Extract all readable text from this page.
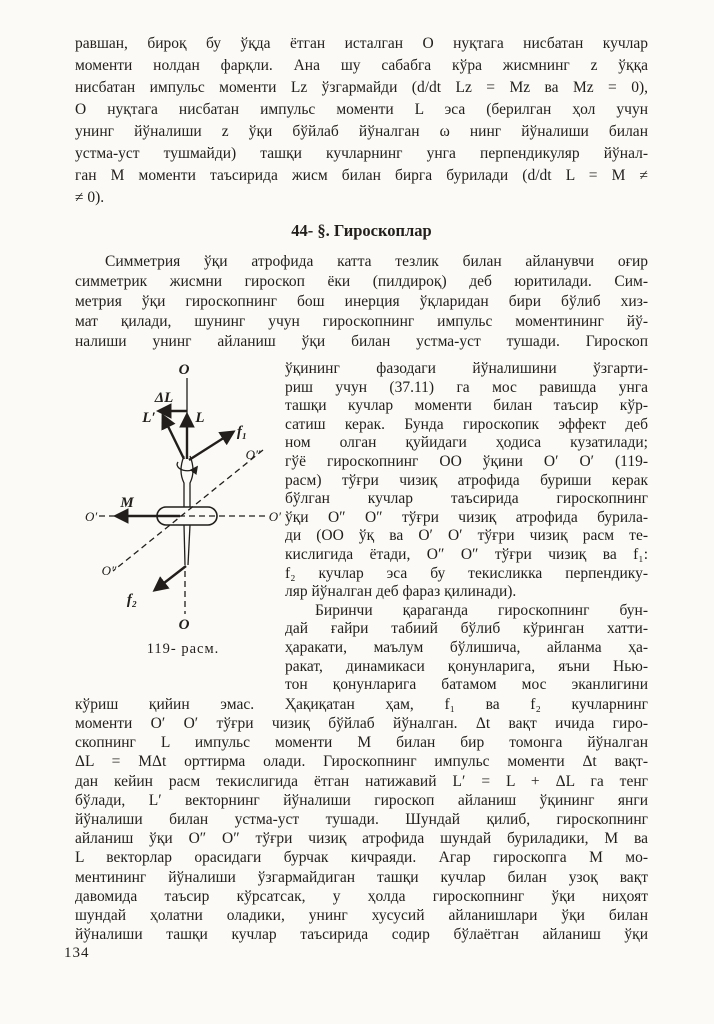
равшан, бироқ бу ўқда ётган исталган O нуқтага нисбатан кучлар
моменти нолдан фарқли. Ана шу сабабга кўра жисмнинг z ўққа
нисбатан импульс моменти Lz ўзгармайди (d/dt Lz = Mz ва Mz = 0),
O нуқтага нисбатан импульс моменти L эса (берилган ҳол учун
унинг йўналиши z ўқи бўйлаб йўналган ω нинг йўналиши билан
устма-уст тушмайди) ташқи кучларнинг унга перпендикуляр йўнал-
ган M моменти таъсирида жисм билан бирга бурилади (d/dt L = M ≠
≠ 0).
44- §. Гироскоплар
Симметрия ўқи атрофида катта тезлик билан айланувчи оғир
симметрик жисмни гироскоп ёки (пилдироқ) деб юритилади. Сим-
метрия ўқи гироскопнинг бош инерция ўқларидан бири бўлиб хиз-
мат қилади, шунинг учун гироскопнинг импульс моментининг йў-
налиши унинг айланиш ўқи билан устма-уст тушади. Гироскоп
O
ΔL
L′	L
f₁
O″
M
O′	O′
O″
f₂
O
119- расм.
ўқининг фазодаги йўналишини ўзгарти-
риш учун (37.11) га мос равишда унга
ташқи кучлар моменти билан таъсир кўр-
сатиш керак. Бунда гироскопик эффект деб
ном олган қуйидаги ҳодиса кузатилади;
гўё гироскопнинг OO ўқини O′ O′ (119-
расм) тўғри чизиқ атрофида буриши керак
бўлган кучлар таъсирида гироскопнинг
ўқи O″ O″ тўғри чизиқ атрофида бурила-
ди (OO ўқ ва O′ O′ тўғри чизиқ расм те-
кислигида ётади, O″ O″ тўғри чизиқ ва f₁:
f₂ кучлар эса бу текисликка перпендику-
ляр йўналган деб фараз қилинади).
Биринчи қараганда гироскопнинг бун-
дай ғайри табиий бўлиб кўринган хатти-
ҳаракати, маълум бўлишича, айланма ҳа-
ракат, динамикаси қонунларига, яъни Нью-
тон қонунларига батамом мос эканлигини
кўриш қийин эмас. Ҳақиқатан ҳам, f₁ ва f₂ кучларнинг
моменти O′ O′ тўғри чизиқ бўйлаб йўналган. Δt вақт ичида гиро-
скопнинг L импульс моменти M билан бир томонга йўналган
ΔL = MΔt орттирма олади. Гироскопнинг импульс моменти Δt вақт-
дан кейин расм текислигида ётган натижавий L′ = L + ΔL га тенг
бўлади, L′ векторнинг йўналиши гироскоп айланиш ўқининг янги
йўналиши билан устма-уст тушади. Шундай қилиб, гироскопнинг
айланиш ўқи O″ O″ тўғри чизиқ атрофида шундай буриладики, M ва
L векторлар орасидаги бурчак кичраяди. Агар гироскопга M мо-
ментининг йўналиши ўзгармайдиган ташқи кучлар билан узоқ вақт
давомида таъсир кўрсатсак, у ҳолда гироскопнинг ўқи ниҳоят
шундай ҳолатни оладики, унинг хусусий айланишлари ўқи билан
йўналиши ташқи кучлар таъсирида содир бўлаётган айланиш ўқи
134
